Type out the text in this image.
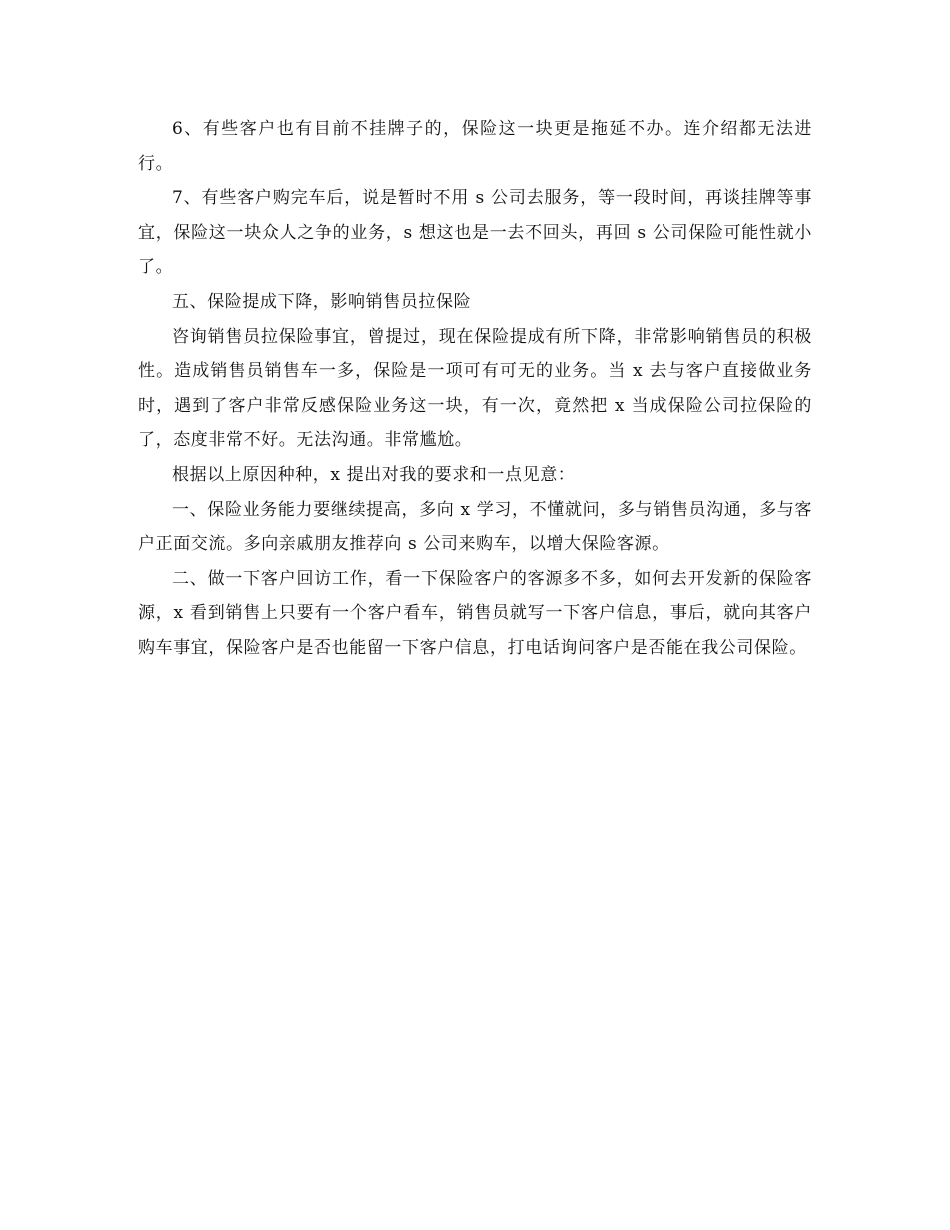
6、有些客户也有目前不挂牌子的，保险这一块更是拖延不办。连介绍都无法进行。

7、有些客户购完车后，说是暂时不用 s 公司去服务，等一段时间，再谈挂牌等事宜，保险这一块众人之争的业务，s 想这也是一去不回头，再回 s 公司保险可能性就小了。

五、保险提成下降，影响销售员拉保险

咨询销售员拉保险事宜，曾提过，现在保险提成有所下降，非常影响销售员的积极性。造成销售员销售车一多，保险是一项可有可无的业务。当 x 去与客户直接做业务时，遇到了客户非常反感保险业务这一块，有一次，竟然把 x 当成保险公司拉保险的了，态度非常不好。无法沟通。非常尴尬。

根据以上原因种种，x 提出对我的要求和一点见意：

一、保险业务能力要继续提高，多向 x 学习，不懂就问，多与销售员沟通，多与客户正面交流。多向亲戚朋友推荐向 s 公司来购车，以增大保险客源。

二、做一下客户回访工作，看一下保险客户的客源多不多，如何去开发新的保险客源，x 看到销售上只要有一个客户看车，销售员就写一下客户信息，事后，就向其客户购车事宜，保险客户是否也能留一下客户信息，打电话询问客户是否能在我公司保险。
